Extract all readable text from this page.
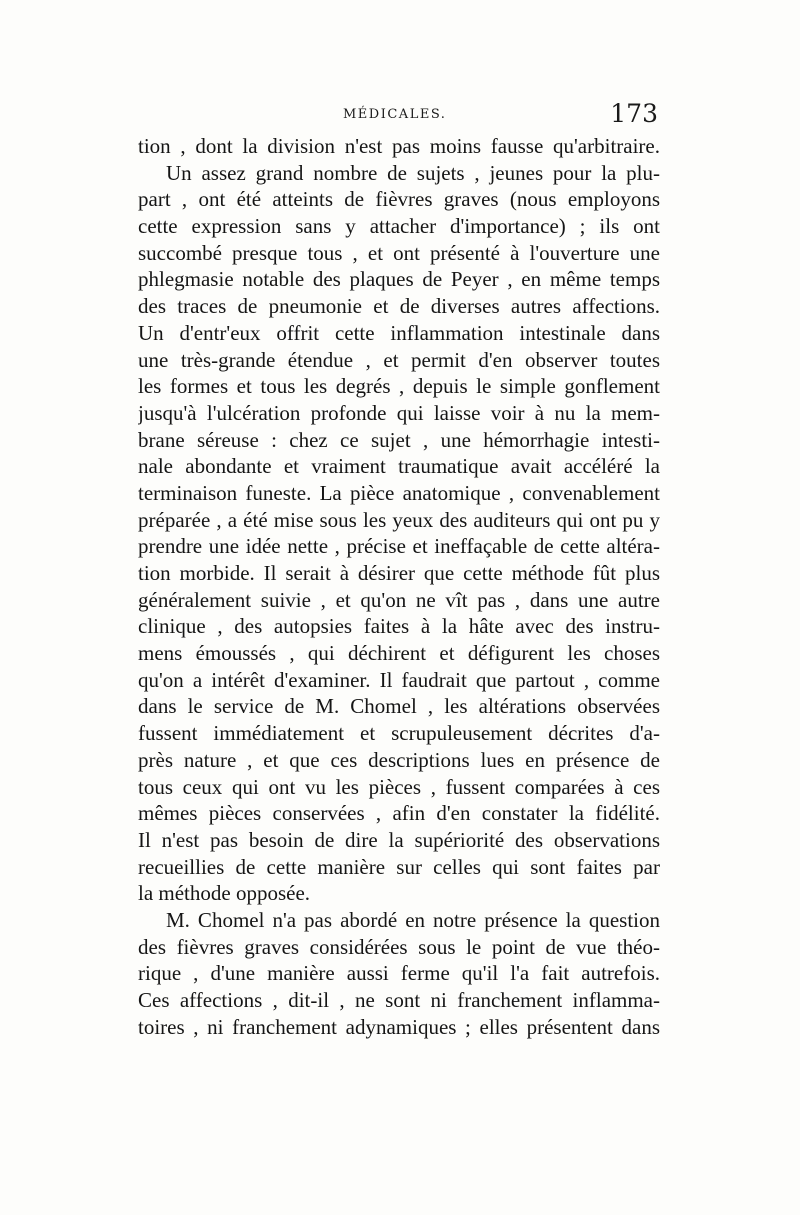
MÉDICALES.	173
tion , dont la division n'est pas moins fausse qu'arbitraire.
Un assez grand nombre de sujets , jeunes pour la plu-
part , ont été atteints de fièvres graves (nous employons
cette expression sans y attacher d'importance) ; ils ont
succombé presque tous , et ont présenté à l'ouverture une
phlegmasie notable des plaques de Peyer , en même temps
des traces de pneumonie et de diverses autres affections.
Un d'entr'eux offrit cette inflammation intestinale dans
une très-grande étendue , et permit d'en observer toutes
les formes et tous les degrés , depuis le simple gonflement
jusqu'à l'ulcération profonde qui laisse voir à nu la mem-
brane séreuse : chez ce sujet , une hémorrhagie intesti-
nale abondante et vraiment traumatique avait accéléré la
terminaison funeste. La pièce anatomique , convenablement
préparée , a été mise sous les yeux des auditeurs qui ont pu y
prendre une idée nette , précise et ineffaçable de cette altéra-
tion morbide. Il serait à désirer que cette méthode fût plus
généralement suivie , et qu'on ne vît pas , dans une autre
clinique , des autopsies faites à la hâte avec des instru-
mens émoussés , qui déchirent et défigurent les choses
qu'on a intérêt d'examiner. Il faudrait que partout , comme
dans le service de M. Chomel , les altérations observées
fussent immédiatement et scrupuleusement décrites d'a-
près nature , et que ces descriptions lues en présence de
tous ceux qui ont vu les pièces , fussent comparées à ces
mêmes pièces conservées , afin d'en constater la fidélité.
Il n'est pas besoin de dire la supériorité des observations
recueillies de cette manière sur celles qui sont faites par
la méthode opposée.
M. Chomel n'a pas abordé en notre présence la question
des fièvres graves considérées sous le point de vue théo-
rique , d'une manière aussi ferme qu'il l'a fait autrefois.
Ces affections , dit-il , ne sont ni franchement inflamma-
toires , ni franchement adynamiques ; elles présentent dans
